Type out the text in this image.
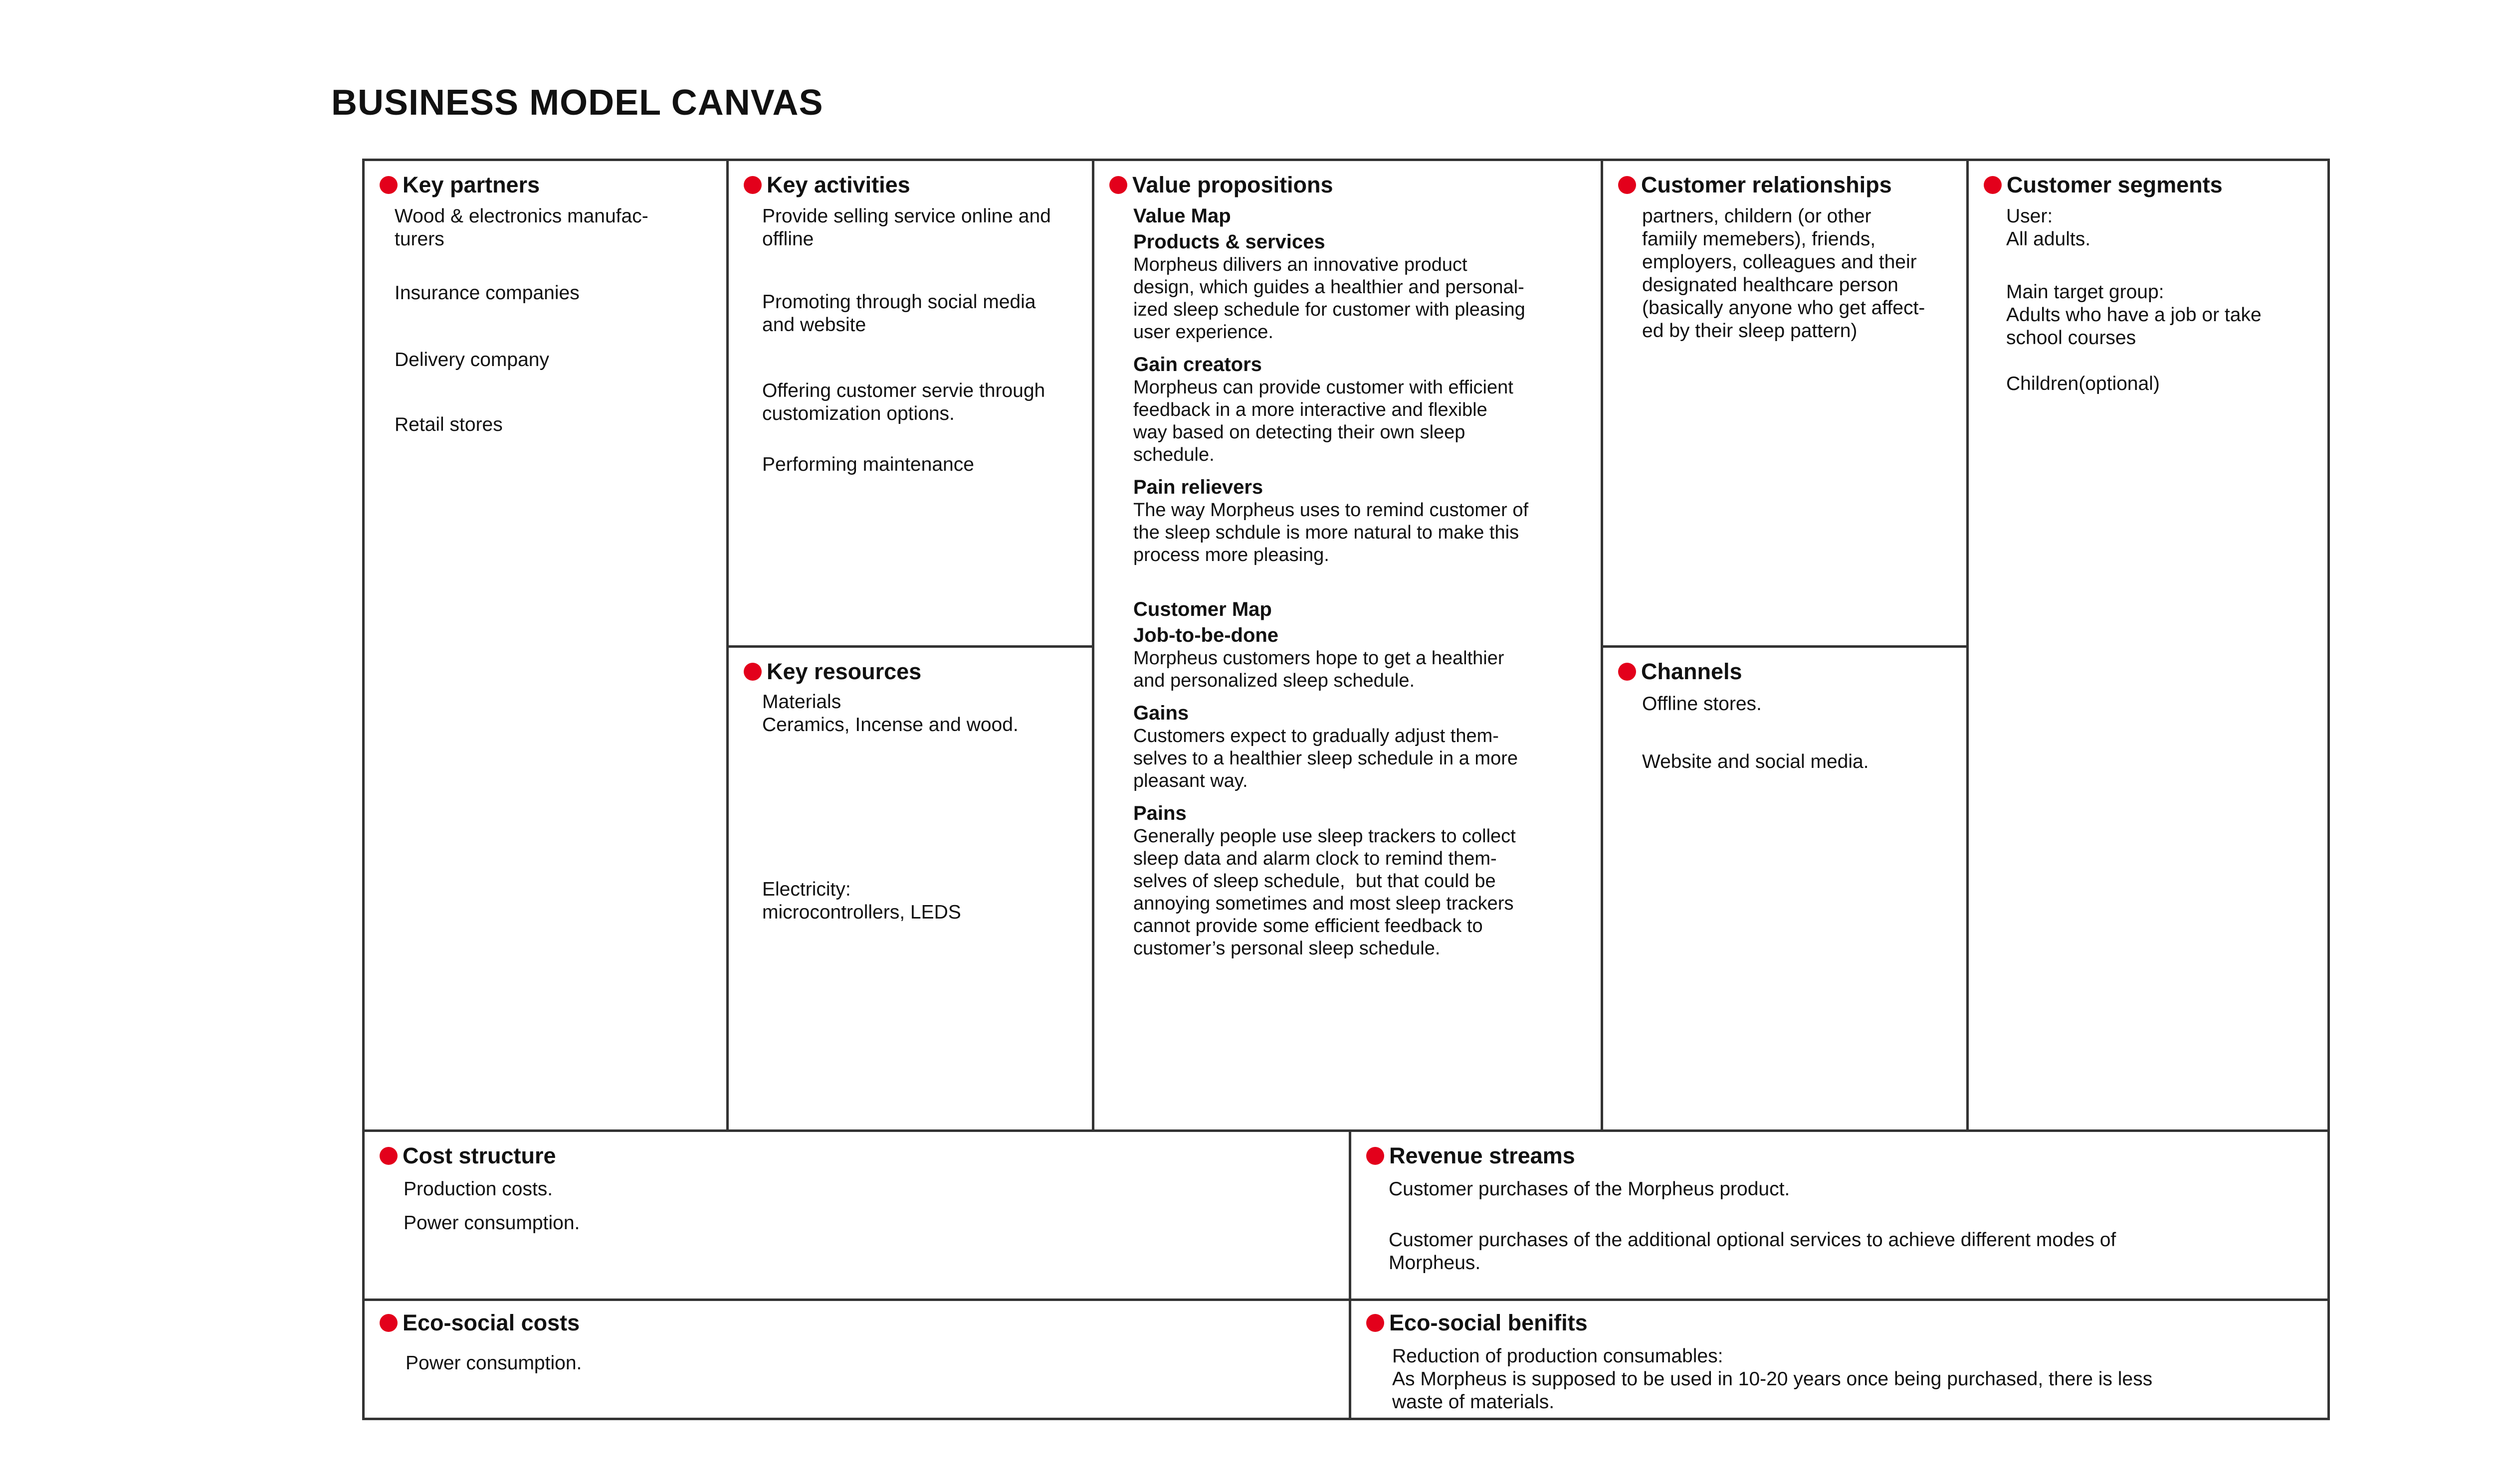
BUSINESS MODEL CANVAS
Key partners
Wood & electronics manufac-
turers
Insurance companies
Delivery company
Retail stores
Key activities
Provide selling service online and
offline
Promoting through social media
and website
Offering customer servie through
customization options.
Performing maintenance
Key resources
Materials
Ceramics, Incense and wood.
Electricity:
microcontrollers, LEDS
Value propositions
Value Map
Products & services
Morpheus dilivers an innovative product
design, which guides a healthier and personal-
ized sleep schedule for customer with pleasing
user experience.
Gain creators
Morpheus can provide customer with efficient
feedback in a more interactive and flexible
way based on detecting their own sleep
schedule.
Pain relievers
The way Morpheus uses to remind customer of
the sleep schdule is more natural to make this
process more pleasing.
Customer Map
Job-to-be-done
Morpheus customers hope to get a healthier
and personalized sleep schedule.
Gains
Customers expect to gradually adjust them-
selves to a healthier sleep schedule in a more
pleasant way.
Pains
Generally people use sleep trackers to collect
sleep data and alarm clock to remind them-
selves of sleep schedule,  but that could be
annoying sometimes and most sleep trackers
cannot provide some efficient feedback to
customer’s personal sleep schedule.
Customer relationships
partners, childern (or other
famiily memebers), friends,
employers, colleagues and their
designated healthcare person
(basically anyone who get affect-
ed by their sleep pattern)
Channels
Offline stores.
Website and social media.
Customer segments
User:
All adults.
Main target group:
Adults who have a job or take
school courses
Children(optional)
Cost structure
Production costs.
Power consumption.
Revenue streams
Customer purchases of the Morpheus product.
Customer purchases of the additional optional services to achieve different modes of
Morpheus.
Eco-social costs
Power consumption.
Eco-social benifits
Reduction of production consumables:
As Morpheus is supposed to be used in 10-20 years once being purchased, there is less
waste of materials.
